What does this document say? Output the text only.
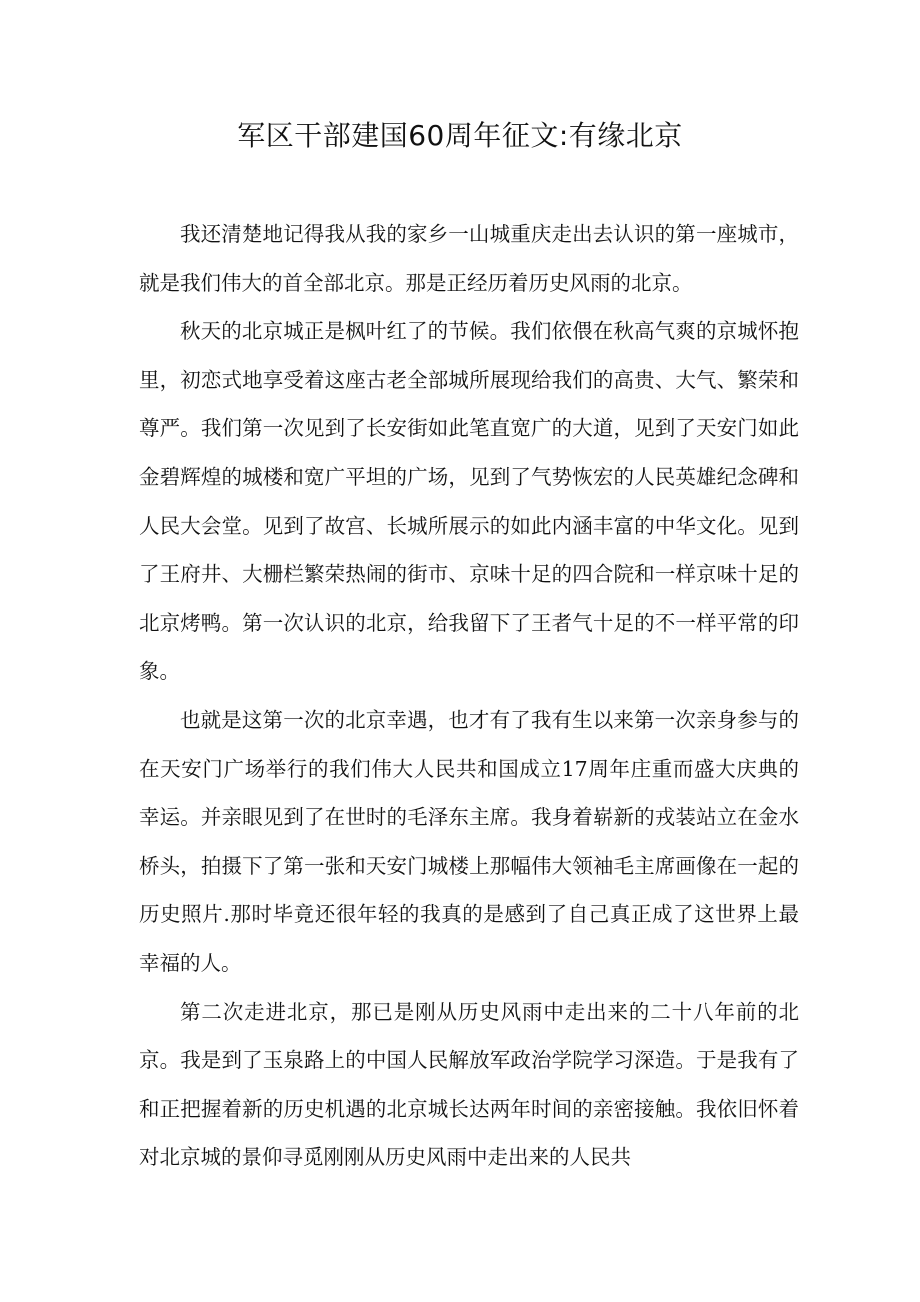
军区干部建国60周年征文:有缘北京

我还清楚地记得我从我的家乡一山城重庆走出去认识的第一座城市，就是我们伟大的首全部北京。那是正经历着历史风雨的北京。

秋天的北京城正是枫叶红了的节候。我们依偎在秋高气爽的京城怀抱里，初恋式地享受着这座古老全部城所展现给我们的高贵、大气、繁荣和尊严。我们第一次见到了长安街如此笔直宽广的大道，见到了天安门如此金碧辉煌的城楼和宽广平坦的广场，见到了气势恢宏的人民英雄纪念碑和人民大会堂。见到了故宫、长城所展示的如此内涵丰富的中华文化。见到了王府井、大栅栏繁荣热闹的街市、京味十足的四合院和一样京味十足的北京烤鸭。第一次认识的北京，给我留下了王者气十足的不一样平常的印象。

也就是这第一次的北京幸遇，也才有了我有生以来第一次亲身参与的在天安门广场举行的我们伟大人民共和国成立17周年庄重而盛大庆典的幸运。并亲眼见到了在世时的毛泽东主席。我身着崭新的戎装站立在金水桥头，拍摄下了第一张和天安门城楼上那幅伟大领袖毛主席画像在一起的历史照片.那时毕竟还很年轻的我真的是感到了自己真正成了这世界上最幸福的人。

第二次走进北京，那已是刚从历史风雨中走出来的二十八年前的北京。我是到了玉泉路上的中国人民解放军政治学院学习深造。于是我有了和正把握着新的历史机遇的北京城长达两年时间的亲密接触。我依旧怀着对北京城的景仰寻觅刚刚从历史风雨中走出来的人民共
